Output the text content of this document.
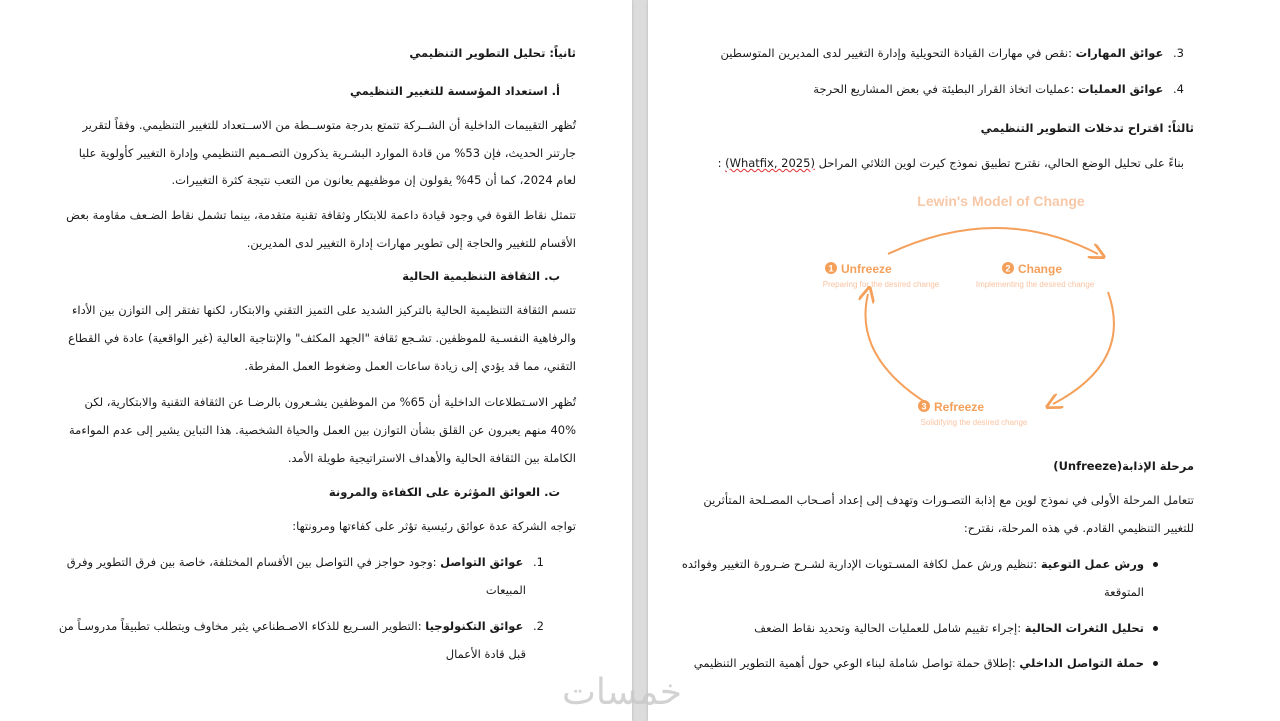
ثانياً: تحليل التطوير التنظيمي
أ. استعداد المؤسسة للتغيير التنظيمي
تُظهر التقييمات الداخلية أن الشــركة تتمتع بدرجة متوســطة من الاســتعداد للتغيير التنظيمي. وفقاً لتقرير
جارتنر الحديث، فإن 53% من قادة الموارد البشـرية يذكرون التصـميم التنظيمي وإدارة التغيير كأولوية عليا
لعام 2024، كما أن 45% يقولون إن موظفيهم يعانون من التعب نتيجة كثرة التغييرات.
تتمثل نقاط القوة في وجود قيادة داعمة للابتكار وثقافة تقنية متقدمة، بينما تشمل نقاط الضـعف مقاومة بعض
الأقسام للتغيير والحاجة إلى تطوير مهارات إدارة التغيير لدى المديرين.
ب. الثقافة التنظيمية الحالية
تتسم الثقافة التنظيمية الحالية بالتركيز الشديد على التميز التقني والابتكار، لكنها تفتقر إلى التوازن بين الأداء
والرفاهية النفسـية للموظفين. تشـجع ثقافة "الجهد المكثف" والإنتاجية العالية (غير الواقعية) عادة في القطاع
التقني، مما قد يؤدي إلى زيادة ساعات العمل وضغوط العمل المفرطة.
تُظهر الاسـتطلاعات الداخلية أن 65% من الموظفين يشـعرون بالرضـا عن الثقافة التقنية والابتكارية، لكن
40% منهم يعبرون عن القلق بشأن التوازن بين العمل والحياة الشخصية. هذا التباين يشير إلى عدم المواءمة
الكاملة بين الثقافة الحالية والأهداف الاستراتيجية طويلة الأمد.
ت. العوائق المؤثرة على الكفاءة والمرونة
تواجه الشركة عدة عوائق رئيسية تؤثر على كفاءتها ومرونتها:
1. عوائق التواصل :وجود حواجز في التواصل بين الأقسام المختلفة، خاصة بين فرق التطوير وفرق
المبيعات
2. عوائق التكنولوجيا :التطوير السـريع للذكاء الاصـطناعي يثير مخاوف ويتطلب تطبيقاً مدروسـاً من
قبل قادة الأعمال
3. عوائق المهارات :نقص في مهارات القيادة التحويلية وإدارة التغيير لدى المديرين المتوسطين
4. عوائق العمليات :عمليات اتخاذ القرار البطيئة في بعض المشاريع الحرجة
ثالثاً: اقتراح تدخلات التطوير التنظيمي
بناءً على تحليل الوضع الحالي، نقترح تطبيق نموذج كيرت لوين الثلاثي المراحل (Whatfix, 2025) :
Lewin's Model of Change
1 Unfreeze
Preparing for the desired change
2 Change
Implementing the desired change
3 Refreeze
Solidifying the desired change
مرحلة الإذابة(Unfreeze)
تتعامل المرحلة الأولى في نموذج لوين مع إذابة التصـورات وتهدف إلى إعداد أصـحاب المصـلحة المتأثرين
للتغيير التنظيمي القادم. في هذه المرحلة، نقترح:
ورش عمل التوعية :تنظيم ورش عمل لكافة المسـتويات الإدارية لشـرح ضـرورة التغيير وفوائده
المتوقعة
تحليل الثغرات الحالية :إجراء تقييم شامل للعمليات الحالية وتحديد نقاط الضعف
حملة التواصل الداخلي :إطلاق حملة تواصل شاملة لبناء الوعي حول أهمية التطوير التنظيمي
خمسات
